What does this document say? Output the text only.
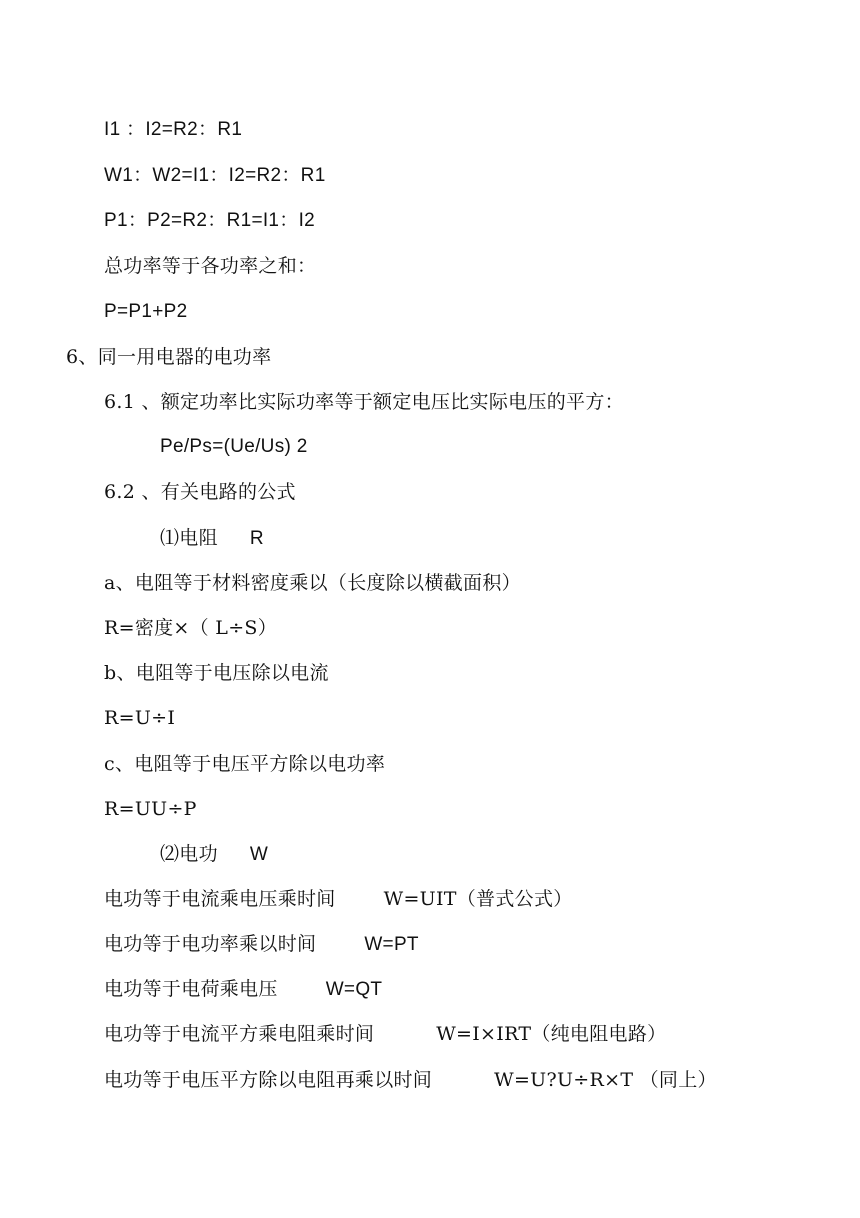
I1 ：I2=R2：R1
W1：W2=I1：I2=R2：R1
P1：P2=R2：R1=I1：I2
总功率等于各功率之和：
P=P1+P2
6、同一用电器的电功率
6.1 、额定功率比实际功率等于额定电压比实际电压的平方：
Pe/Ps=(Ue/Us) 2
6.2 、有关电路的公式
⑴电阻 R
a、电阻等于材料密度乘以（长度除以横截面积）
R=密度×（ L÷S）
b、电阻等于电压除以电流
R=U÷I
c、电阻等于电压平方除以电功率
R=UU÷P
⑵电功 W
电功等于电流乘电压乘时间	W=UIT（普式公式）
电功等于电功率乘以时间	W=PT
电功等于电荷乘电压	W=QT
电功等于电流平方乘电阻乘时间	W=I×IRT（纯电阻电路）
电功等于电压平方除以电阻再乘以时间	W=U?U÷R×T （同上）
